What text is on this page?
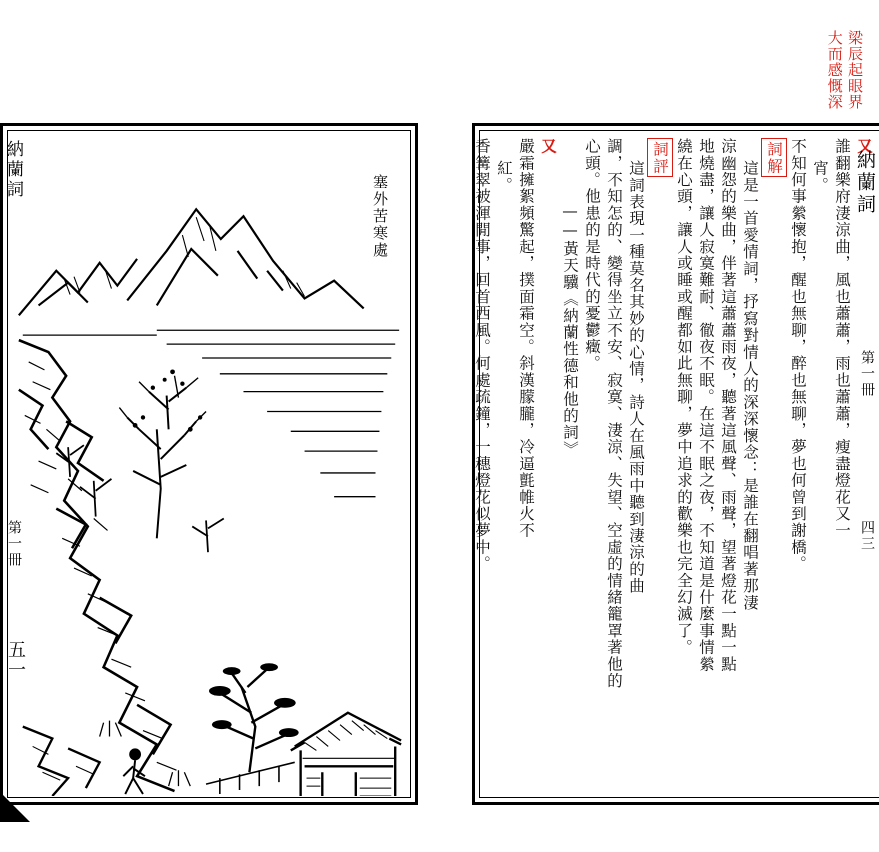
塞外苦寒處
納蘭詞
第一冊
五一
梁辰起眼界 大而感慨深
又
誰翻樂府淒涼曲，風也蕭蕭，雨也蕭蕭，瘦盡燈花又一
宵。
不知何事縈懷抱，醒也無聊，醉也無聊，夢也何曾到謝橋。
詞解
這是一首愛情詞，抒寫對情人的深深懷念：是誰在翻唱著那淒
涼幽怨的樂曲，伴著這蕭蕭雨夜，聽著這風聲、雨聲，望著燈花一點一點
地燒盡，讓人寂寞難耐、徹夜不眠。在這不眠之夜，不知道是什麼事情縈
繞在心頭，讓人或睡或醒都如此無聊，夢中追求的歡樂也完全幻滅了。
詞評
這詞表現一種莫名其妙的心情，詩人在風雨中聽到淒涼的曲
調，不知怎的、變得坐立不安、寂寞、淒涼、失望、空虛的情緒籠罩著他的
心頭。他患的是時代的憂鬱癥。
——黃天驥《納蘭性德和他的詞》
又
嚴霜擁絮頻驚起，撲面霜空。斜漢朦朧，冷逼氈帷火不
紅。
香篝翠被渾閒事，回首西風。何處疏鐘，一穗燈花似夢中。	納蘭詞
第一冊
四三
